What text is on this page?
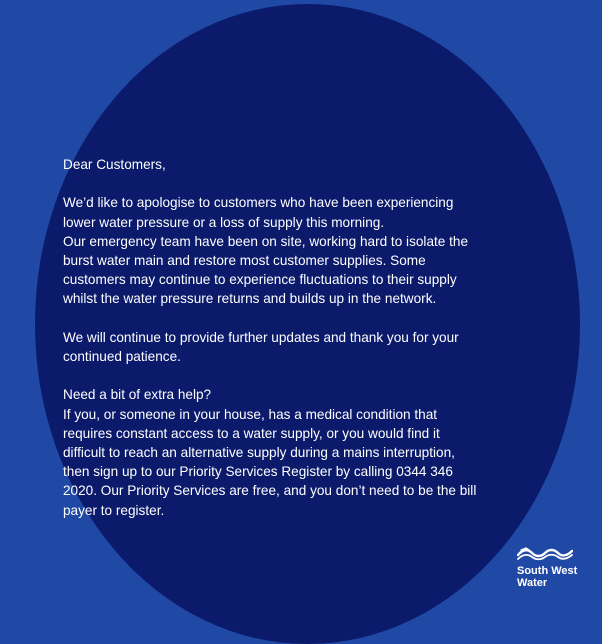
Dear Customers,

We’d like to apologise to customers who have been experiencing
lower water pressure or a loss of supply this morning.
Our emergency team have been on site, working hard to isolate the
burst water main and restore most customer supplies. Some
customers may continue to experience fluctuations to their supply
whilst the water pressure returns and builds up in the network.

We will continue to provide further updates and thank you for your
continued patience.

Need a bit of extra help?
If you, or someone in your house, has a medical condition that
requires constant access to a water supply, or you would find it
difficult to reach an alternative supply during a mains interruption,
then sign up to our Priority Services Register by calling 0344 346
2020. Our Priority Services are free, and you don’t need to be the bill
payer to register.

South West
Water
